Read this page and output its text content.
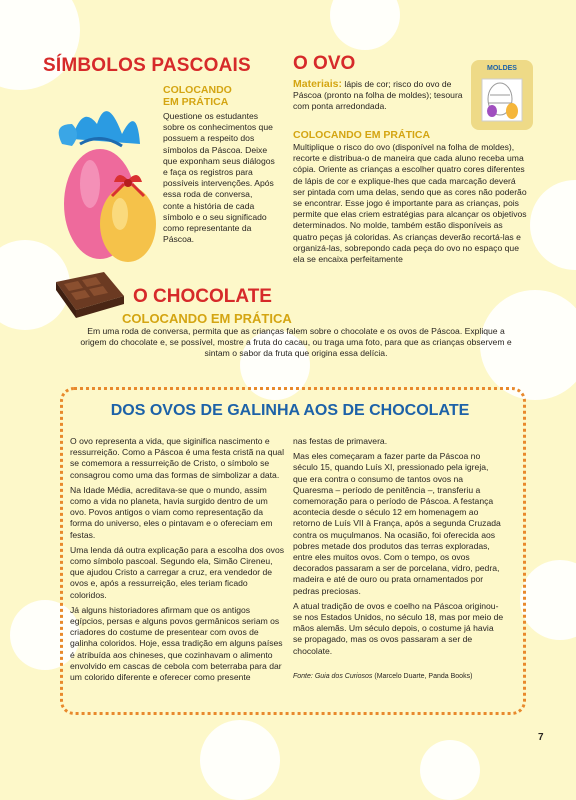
SÍMBOLOS PASCOAIS
COLOCANDO
EM PRÁTICA

Questione os estudantes sobre os conhecimentos que possuem a respeito dos símbolos da Páscoa. Deixe que exponham seus diálogos e faça os registros para possíveis intervenções. Após essa roda de conversa, conte a história de cada símbolo e o seu significado como representante da Páscoa.

O OVO	MOLDES
Materiais: lápis de cor; risco do ovo de Páscoa (pronto na folha de moldes); tesoura com ponta arredondada.
COLOCANDO EM PRÁTICA

Multiplique o risco do ovo (disponível na folha de moldes), recorte e distribua-o de maneira que cada aluno receba uma cópia. Oriente as crianças a escolher quatro cores diferentes de lápis de cor e explique-lhes que cada marcação deverá ser pintada com uma delas, sendo que as cores não poderão se encontrar. Esse jogo é importante para as crianças, pois permite que elas criem estratégias para alcançar os objetivos determinados. No molde, também estão disponíveis as quatro peças já coloridas. As crianças deverão recortá-las e organizá-las, sobrepondo cada peça do ovo no espaço que ela se encaixa perfeitamente

O CHOCOLATE
COLOCANDO EM PRÁTICA

Em uma roda de conversa, permita que as crianças falem sobre o chocolate e os ovos de Páscoa. Explique a origem do chocolate e, se possível, mostre a fruta do cacau, ou traga uma foto, para que as crianças observem e sintam o sabor da fruta que origina essa delícia.

DOS OVOS DE GALINHA AOS DE CHOCOLATE

O ovo representa a vida, que siginifica nascimento e ressurreição. Como a Páscoa é uma festa cristã na qual se comemora a ressurreição de Cristo, o símbolo se consagrou como uma das formas de simbolizar a data.

Na Idade Média, acreditava-se que o mundo, assim como a vida no planeta, havia surgido dentro de um ovo. Povos antigos o viam como representação da forma do universo, eles o pintavam e o ofereciam em festas.

Uma lenda dá outra explicação para a escolha dos ovos como símbolo pascoal. Segundo ela, Simão Cireneu, que ajudou Cristo a carregar a cruz, era vendedor de ovos e, após a ressurreição, eles teriam ficado coloridos.

Já alguns historiadores afirmam que os antigos egípcios, persas e alguns povos germânicos seriam os criadores do costume de presentear com ovos de galinha coloridos. Hoje, essa tradição em alguns países é atribuída aos chineses, que cozinhavam o alimento envolvido em cascas de cebola com beterraba para dar um colorido diferente e oferecer como presente

nas festas de primavera.

Mas eles começaram a fazer parte da Páscoa no século 15, quando Luís XI, pressionado pela igreja, que era contra o consumo de tantos ovos na Quaresma – período de penitência –, transferiu a comemoração para o período de Páscoa. A festança acontecia desde o século 12 em homenagem ao retorno de Luís VII à França, após a segunda Cruzada contra os muçulmanos. Na ocasião, foi oferecida aos pobres metade dos produtos das terras exploradas, entre eles muitos ovos. Com o tempo, os ovos decorados passaram a ser de porcelana, vidro, pedra, madeira e até de ouro ou prata ornamentados por pedras preciosas.

A atual tradição de ovos e coelho na Páscoa originou-se nos Estados Unidos, no século 18, mas por meio de mãos alemãs. Um século depois, o costume já havia se propagado, mas os ovos passaram a ser de chocolate.

Fonte: Guia dos Curiosos (Marcelo Duarte, Panda Books)

7
